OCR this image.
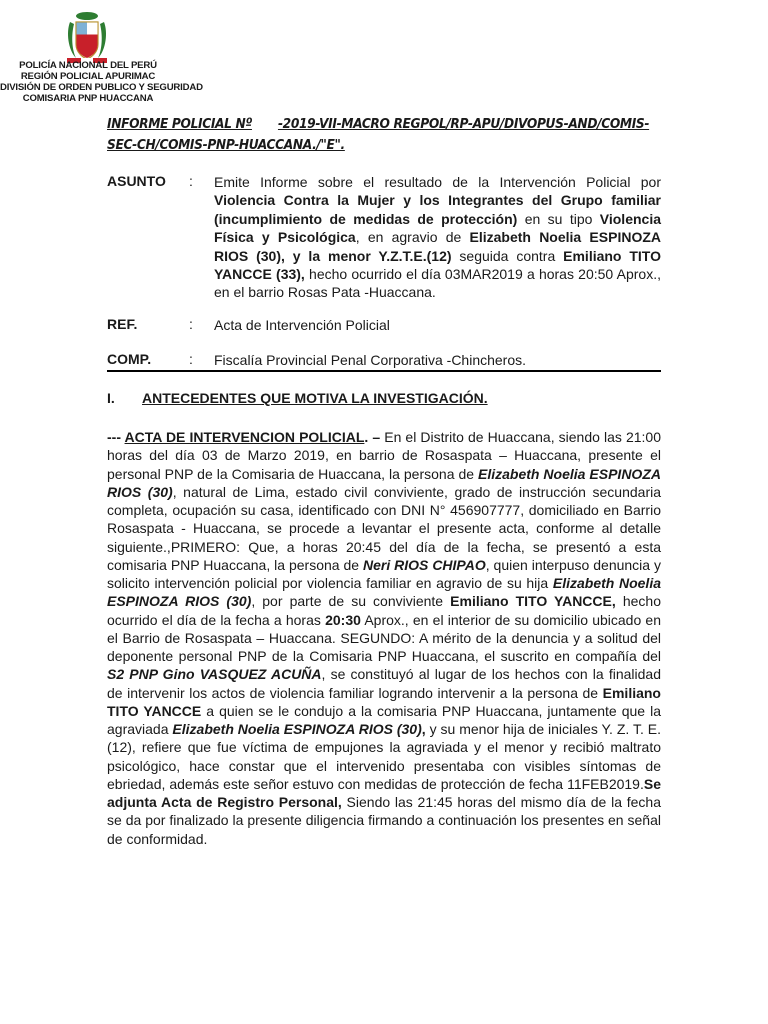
POLICÍA NACIONAL DEL PERÚ
REGIÓN POLICIAL APURIMAC
DIVISIÓN DE ORDEN PUBLICO Y SEGURIDAD
COMISARIA PNP HUACCANA
INFORME POLICIAL Nº -2019-VII-MACRO REGPOL/RP-APU/DIVOPUS-AND/COMIS-
SEC-CH/COMIS-PNP-HUACCANA./"E".
ASUNTO : Emite Informe sobre el resultado de la Intervención Policial por Violencia Contra la Mujer y los Integrantes del Grupo familiar (incumplimiento de medidas de protección) en su tipo Violencia Física y Psicológica, en agravio de Elizabeth Noelia ESPINOZA RIOS (30), y la menor Y.Z.T.E.(12) seguida contra Emiliano TITO YANCCE (33), hecho ocurrido el día 03MAR2019 a horas 20:50 Aprox., en el barrio Rosas Pata -Huaccana.
REF.	: Acta de Intervención Policial
COMP.	: Fiscalía Provincial Penal Corporativa -Chincheros.
I. ANTECEDENTES QUE MOTIVA LA INVESTIGACIÓN.
--- ACTA DE INTERVENCION POLICIAL. – En el Distrito de Huaccana, siendo las 21:00 horas del día 03 de Marzo 2019, en barrio de Rosaspata – Huaccana, presente el personal PNP de la Comisaria de Huaccana, la persona de Elizabeth Noelia ESPINOZA RIOS (30), natural de Lima, estado civil conviviente, grado de instrucción secundaria completa, ocupación su casa, identificado con DNI N° 456907777, domiciliado en Barrio Rosaspata - Huaccana, se procede a levantar el presente acta, conforme al detalle siguiente.,PRIMERO: Que, a horas 20:45 del día de la fecha, se presentó a esta comisaria PNP Huaccana, la persona de Neri RIOS CHIPAO, quien interpuso denuncia y solicito intervención policial por violencia familiar en agravio de su hija Elizabeth Noelia ESPINOZA RIOS (30), por parte de su conviviente Emiliano TITO YANCCE, hecho ocurrido el día de la fecha a horas 20:30 Aprox., en el interior de su domicilio ubicado en el Barrio de Rosaspata – Huaccana. SEGUNDO: A mérito de la denuncia y a solitud del deponente personal PNP de la Comisaria PNP Huaccana, el suscrito en compañía del S2 PNP Gino VASQUEZ ACUÑA, se constituyó al lugar de los hechos con la finalidad de intervenir los actos de violencia familiar logrando intervenir a la persona de Emiliano TITO YANCCE a quien se le condujo a la comisaria PNP Huaccana, juntamente que la agraviada Elizabeth Noelia ESPINOZA RIOS (30), y su menor hija de iniciales Y. Z. T. E. (12), refiere que fue víctima de empujones la agraviada y el menor y recibió maltrato psicológico, hace constar que el intervenido presentaba con visibles síntomas de ebriedad, además este señor estuvo con medidas de protección de fecha 11FEB2019.Se adjunta Acta de Registro Personal, Siendo las 21:45 horas del mismo día de la fecha se da por finalizado la presente diligencia firmando a continuación los presentes en señal de conformidad.
